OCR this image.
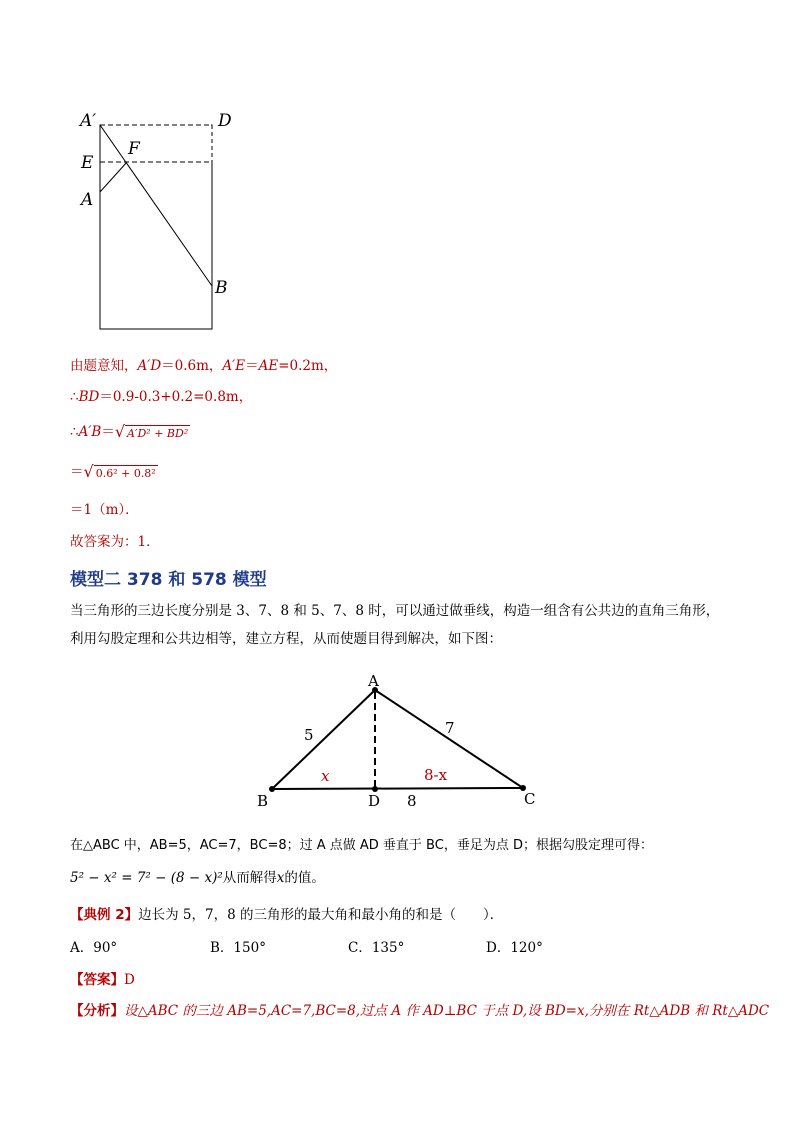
A′	D
E
F
A
B
由题意知，A′D＝0.6m，A′E＝AE=0.2m，
∴BD＝0.9-0.3+0.2=0.8m，
∴A′B＝ √ A′D² + BD²
＝ √ 0.6² + 0.8²
＝1（m）．
故答案为：1．
模型二 378 和 578 模型
当三角形的三边长度分别是 3、7、8 和 5、7、8 时，可以通过做垂线，构造一组含有公共边的直角三角形，利用勾股定理和公共边相等，建立方程，从而使题目得到解决，如下图：
A
B	C
D
5	7
8
x	8-x
在△ABC 中，AB=5，AC=7，BC=8；过 A 点做 AD 垂直于 BC，垂足为点 D；根据勾股定理可得：
5² − x² = 7² − (8 − x)²从而解得x的值。
【典例 2】边长为 5，7，8 的三角形的最大角和最小角的和是（　　）．
A．90°	B．150°	C．135°	D．120°
【答案】D
【分析】设△ABC 的三边 AB=5,AC=7,BC=8,过点 A 作 AD⊥BC 于点 D,设 BD=x,分别在 Rt△ADB 和 Rt△ADC
